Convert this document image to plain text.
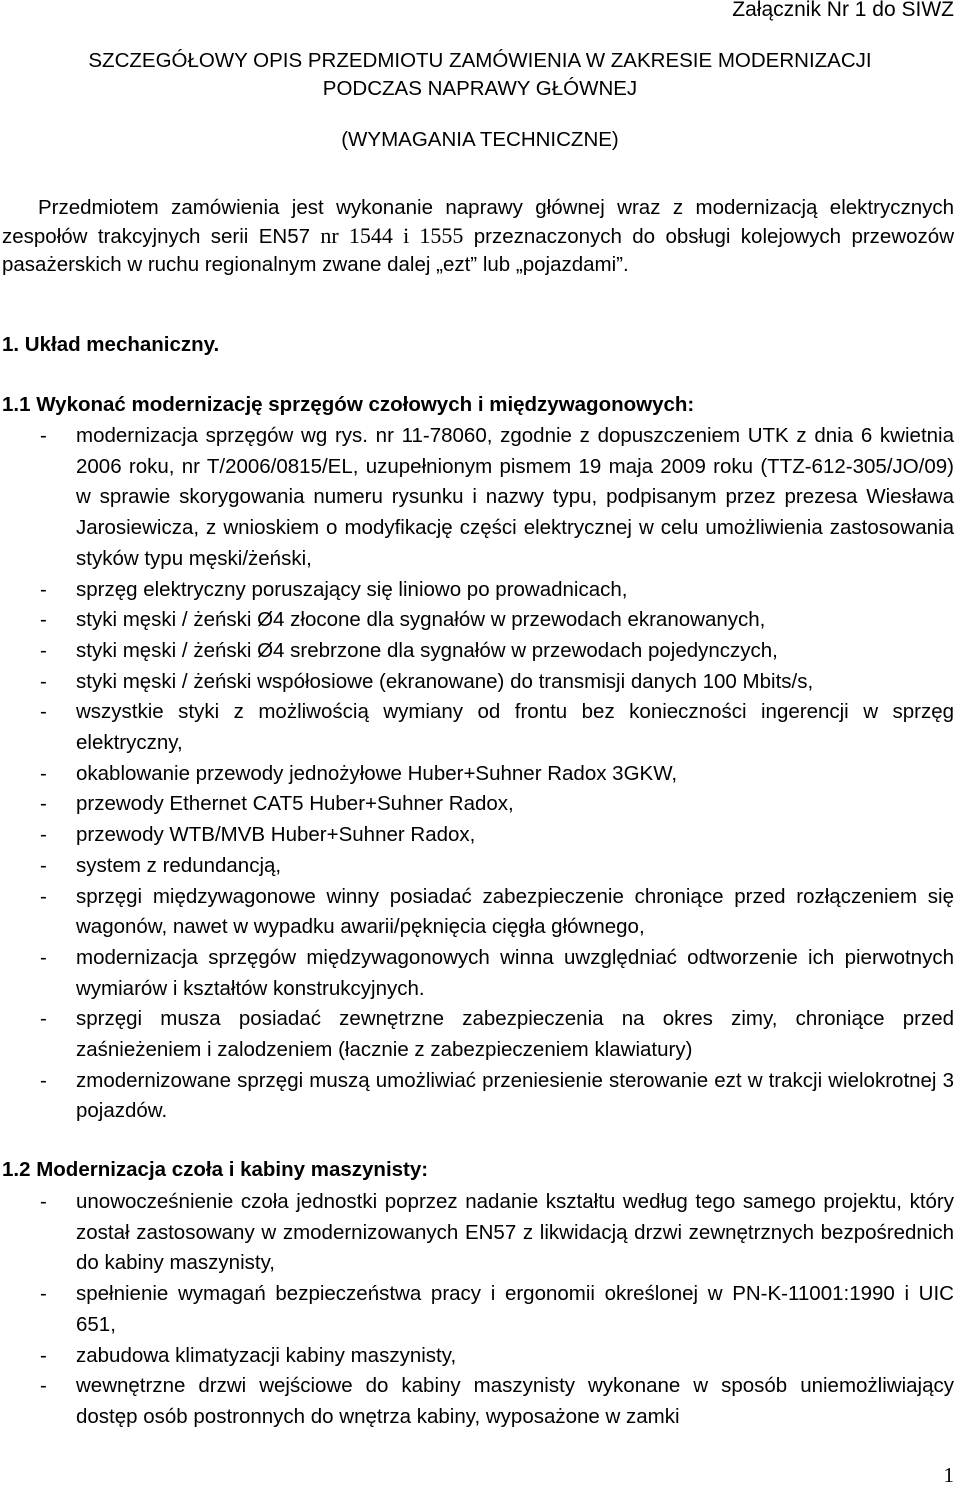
Załącznik Nr 1 do SIWZ
SZCZEGÓŁOWY OPIS PRZEDMIOTU ZAMÓWIENIA W ZAKRESIE MODERNIZACJI
PODCZAS NAPRAWY GŁÓWNEJ
(WYMAGANIA TECHNICZNE)

Przedmiotem zamówienia jest wykonanie naprawy głównej wraz z modernizacją elektrycznych zespołów trakcyjnych serii EN57 nr 1544 i 1555 przeznaczonych do obsługi kolejowych przewozów pasażerskich w ruchu regionalnym zwane dalej „ezt” lub „pojazdami”.

1. Układ mechaniczny.
1.1 Wykonać modernizację sprzęgów czołowych i międzywagonowych:
- modernizacja sprzęgów wg rys. nr 11-78060, zgodnie z dopuszczeniem UTK z dnia 6 kwietnia 2006 roku, nr T/2006/0815/EL, uzupełnionym pismem 19 maja 2009 roku (TTZ-612-305/JO/09) w sprawie skorygowania numeru rysunku i nazwy typu, podpisanym przez prezesa Wiesława Jarosiewicza, z wnioskiem o modyfikację części elektrycznej w celu umożliwienia zastosowania styków typu męski/żeński,
- sprzęg elektryczny poruszający się liniowo po prowadnicach,
- styki męski / żeński Ø4 złocone dla sygnałów w przewodach ekranowanych,
- styki męski / żeński Ø4 srebrzone dla sygnałów w przewodach pojedynczych,
- styki męski / żeński współosiowe (ekranowane) do transmisji danych 100 Mbits/s,
- wszystkie styki z możliwością wymiany od frontu bez konieczności ingerencji w sprzęg elektryczny,
- okablowanie przewody jednożyłowe Huber+Suhner Radox 3GKW,
- przewody Ethernet CAT5 Huber+Suhner Radox,
- przewody WTB/MVB Huber+Suhner Radox,
- system z redundancją,
- sprzęgi międzywagonowe winny posiadać zabezpieczenie chroniące przed rozłączeniem się wagonów, nawet w wypadku awarii/pęknięcia cięgła głównego,
- modernizacja sprzęgów międzywagonowych winna uwzględniać odtworzenie ich pierwotnych wymiarów i kształtów konstrukcyjnych.
- sprzęgi musza posiadać zewnętrzne zabezpieczenia na okres zimy, chroniące przed zaśnieżeniem i zalodzeniem (łacznie z zabezpieczeniem klawiatury)
- zmodernizowane sprzęgi muszą umożliwiać przeniesienie sterowanie ezt w trakcji wielokrotnej 3 pojazdów.
1.2 Modernizacja czoła i kabiny maszynisty:
- unowocześnienie czoła jednostki poprzez nadanie kształtu według tego samego projektu, który został zastosowany w zmodernizowanych EN57 z likwidacją drzwi zewnętrznych bezpośrednich do kabiny maszynisty,
- spełnienie wymagań bezpieczeństwa pracy i ergonomii określonej w PN-K-11001:1990 i UIC 651,
- zabudowa klimatyzacji kabiny maszynisty,
- wewnętrzne drzwi wejściowe do kabiny maszynisty wykonane w sposób uniemożliwiający dostęp osób postronnych do wnętrza kabiny, wyposażone w zamki
1
